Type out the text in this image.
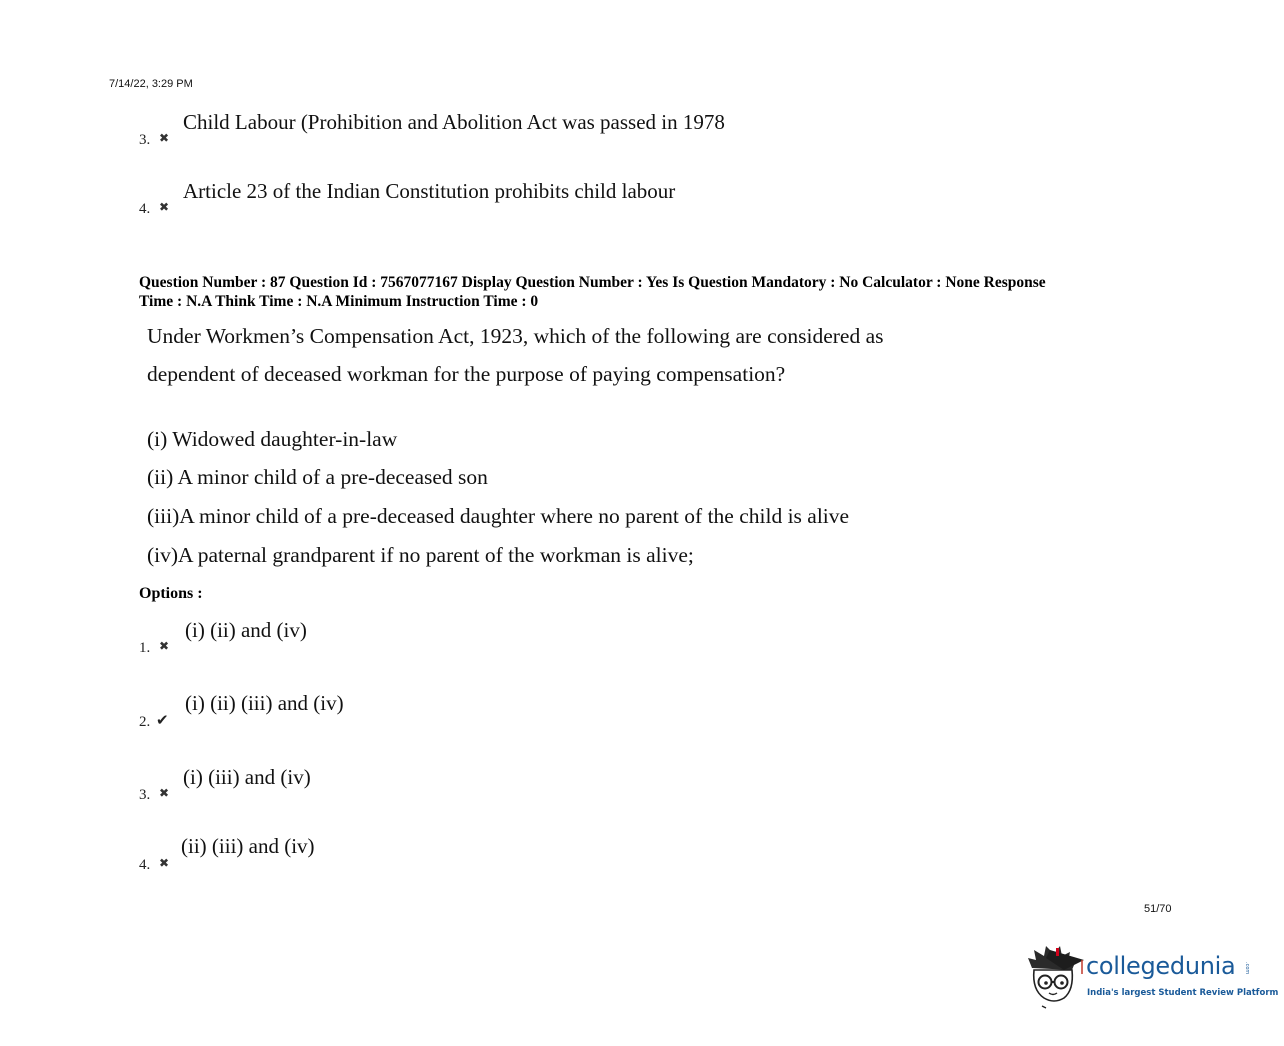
7/14/22, 3:29 PM
Child Labour (Prohibition and Abolition Act was passed in 1978
3. ✖
Article 23 of the Indian Constitution prohibits child labour
4. ✖
Question Number : 87 Question Id : 7567077167 Display Question Number : Yes Is Question Mandatory : No Calculator : None Response
Time : N.A Think Time : N.A Minimum Instruction Time : 0
Under Workmen’s Compensation Act, 1923, which of the following are considered as
dependent of deceased workman for the purpose of paying compensation?
(i) Widowed daughter-in-law
(ii) A minor child of a pre-deceased son
(iii)A minor child of a pre-deceased daughter where no parent of the child is alive
(iv)A paternal grandparent if no parent of the workman is alive;
Options :
(i) (ii) and (iv)
1. ✖
(i) (ii) (iii) and (iv)
2. ✔
(i) (iii) and (iv)
3. ✖
(ii) (iii) and (iv)
4. ✖
51/70
collegedunia .com
India's largest Student Review Platform
